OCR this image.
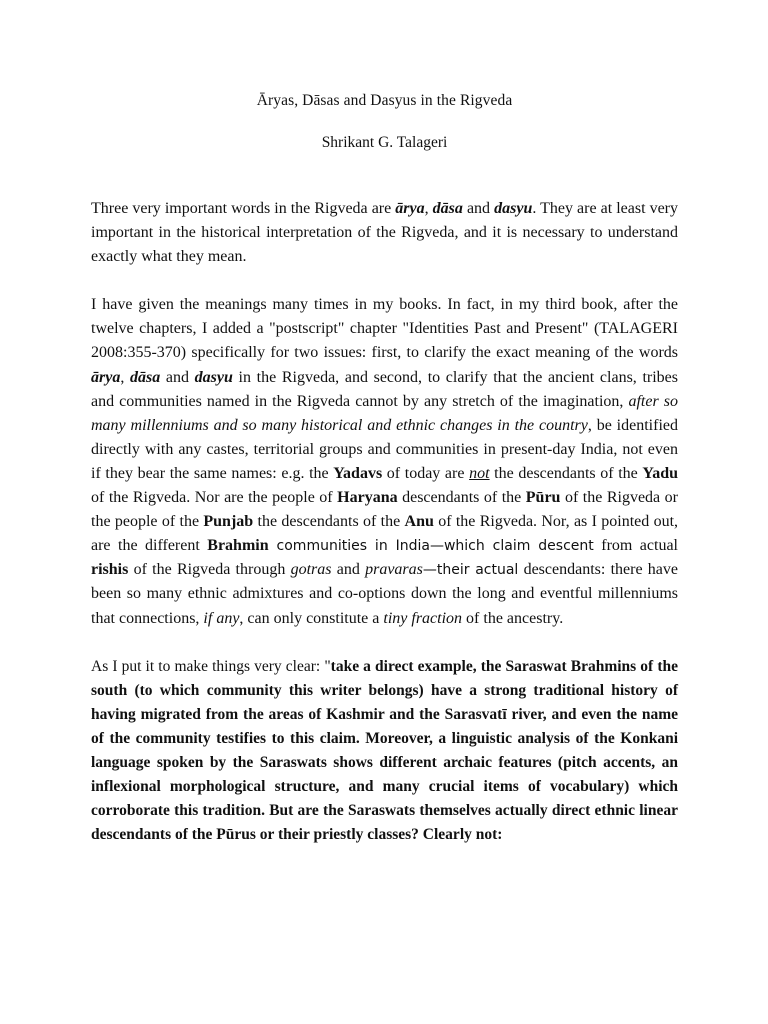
Āryas, Dāsas and Dasyus in the Rigveda
Shrikant G. Talageri

Three very important words in the Rigveda are ārya, dāsa and dasyu. They are at least very important in the historical interpretation of the Rigveda, and it is necessary to understand exactly what they mean.

I have given the meanings many times in my books. In fact, in my third book, after the twelve chapters, I added a "postscript" chapter "Identities Past and Present" (TALAGERI 2008:355-370) specifically for two issues: first, to clarify the exact meaning of the words ārya, dāsa and dasyu in the Rigveda, and second, to clarify that the ancient clans, tribes and communities named in the Rigveda cannot by any stretch of the imagination, after so many millenniums and so many historical and ethnic changes in the country, be identified directly with any castes, territorial groups and communities in present-day India, not even if they bear the same names: e.g. the Yadavs of today are not the descendants of the Yadu of the Rigveda. Nor are the people of Haryana descendants of the Pūru of the Rigveda or the people of the Punjab the descendants of the Anu of the Rigveda. Nor, as I pointed out, are the different Brahmin communities in India—which claim descent from actual rishis of the Rigveda through gotras and pravaras—their actual descendants: there have been so many ethnic admixtures and co-options down the long and eventful millenniums that connections, if any, can only constitute a tiny fraction of the ancestry.

As I put it to make things very clear: "take a direct example, the Saraswat Brahmins of the south (to which community this writer belongs) have a strong traditional history of having migrated from the areas of Kashmir and the Sarasvatī river, and even the name of the community testifies to this claim. Moreover, a linguistic analysis of the Konkani language spoken by the Saraswats shows different archaic features (pitch accents, an inflexional morphological structure, and many crucial items of vocabulary) which corroborate this tradition. But are the Saraswats themselves actually direct ethnic linear descendants of the Pūrus or their priestly classes? Clearly not:
